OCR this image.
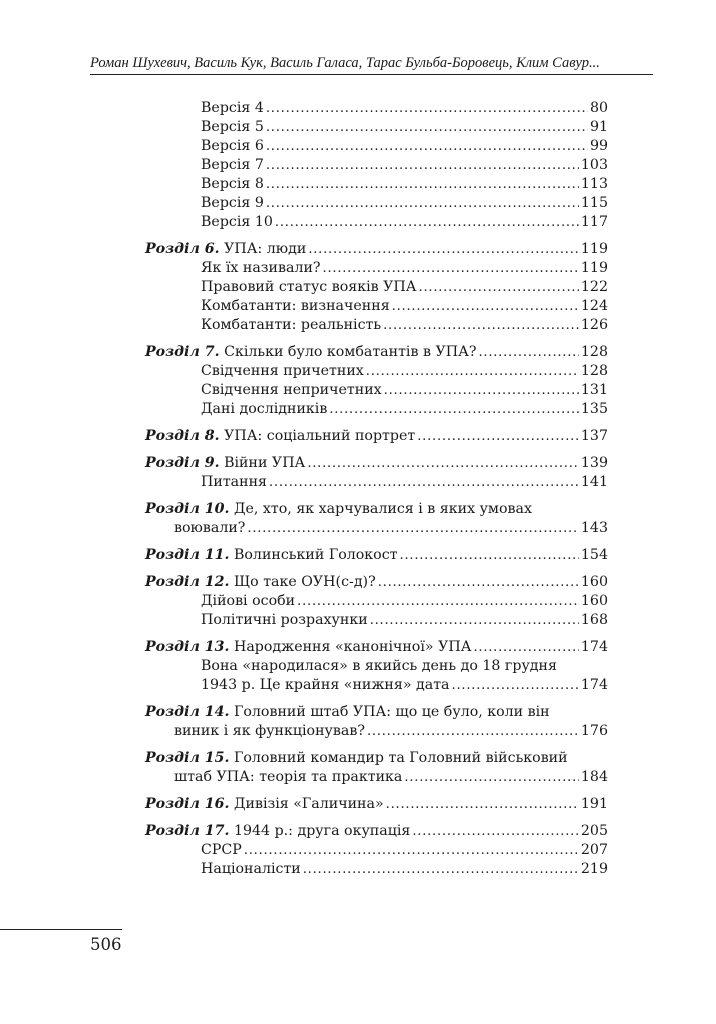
Роман Шухевич, Василь Кук, Василь Галаса, Тарас Бульба-Боровець, Клим Савур...
Версія 4 .....	80
Версія 5 .....	91
Версія 6 .....	99
Версія 7 .....	103
Версія 8 .....	113
Версія 9 .....	115
Версія 10 .....	117
Розділ 6. УПА: люди .....	119
Як їх називали? .....	119
Правовий статус вояків УПА .....	122
Комбатанти: визначення .....	124
Комбатанти: реальність .....	126
Розділ 7. Скільки було комбатантів в УПА? .....	128
Свідчення причетних .....	128
Свідчення непричетних .....	131
Дані дослідників .....	135
Розділ 8. УПА: соціальний портрет .....	137
Розділ 9. Війни УПА .....	139
Питання .....	141
Розділ 10. Де, хто, як харчувалися і в яких умовах
воювали? .....	143
Розділ 11. Волинський Голокост .....	154
Розділ 12. Що таке ОУН(с-д)? .....	160
Дійові особи .....	160
Політичні розрахунки .....	168
Розділ 13. Народження «канонічної» УПА .....	174
Вона «народилася» в якийсь день до 18 грудня
1943 р. Це крайня «нижня» дата .....	174
Розділ 14. Головний штаб УПА: що це було, коли він
виник і як функціонував? .....	176
Розділ 15. Головний командир та Головний військовий
штаб УПА: теорія та практика .....	184
Розділ 16. Дивізія «Галичина» .....	191
Розділ 17. 1944 р.: друга окупація .....	205
СРСР .....	207
Націоналісти .....	219
506
